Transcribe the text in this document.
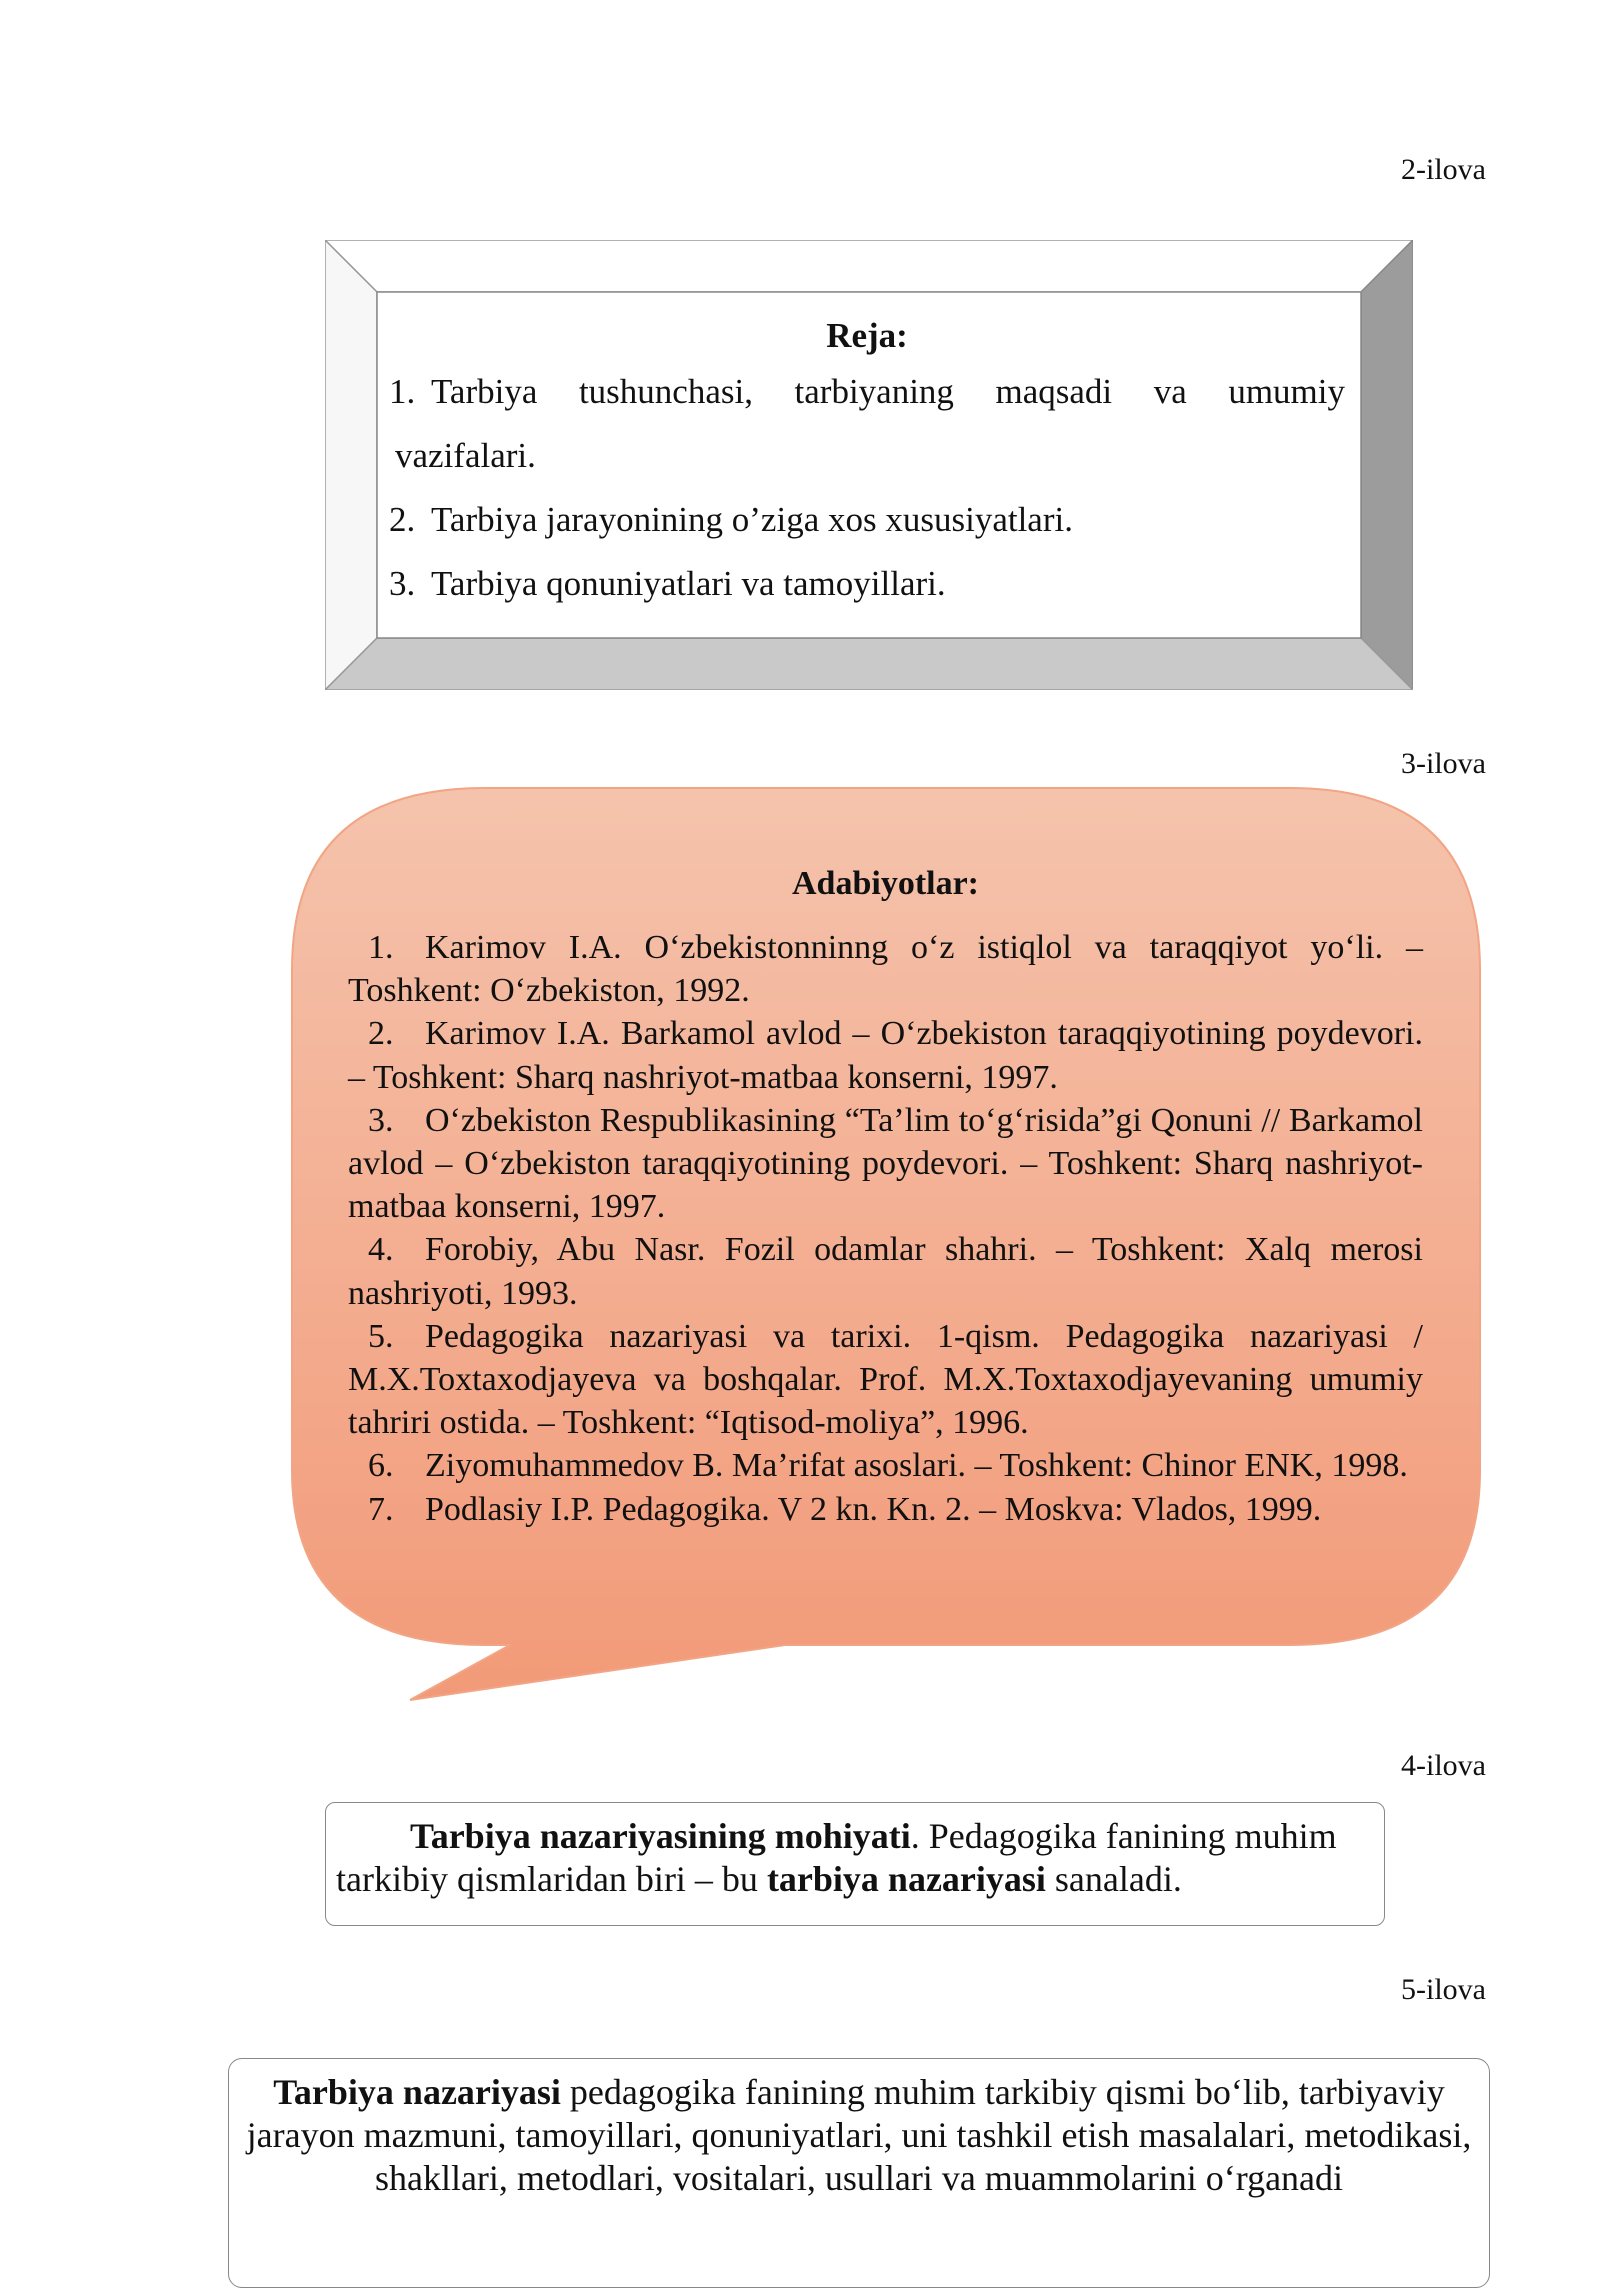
2-ilova
Reja:
1. Tarbiya tushunchasi, tarbiyaning maqsadi va umumiy
vazifalari.
2. Tarbiya jarayonining o’ziga xos xususiyatlari.
3. Tarbiya qonuniyatlari va tamoyillari.
3-ilova
Adabiyotlar:
1. Karimov I.A. O‘zbekistonninng o‘z istiqlol va taraqqiyot yo‘li. – Toshkent: O‘zbekiston, 1992.
2. Karimov I.A. Barkamol avlod – O‘zbekiston taraqqiyotining poydevori. – Toshkent: Sharq nashriyot-matbaa konserni, 1997.
3. O‘zbekiston Respublikasining “Ta’lim to‘g‘risida”gi Qonuni // Barkamol avlod – O‘zbekiston taraqqiyotining poydevori. – Toshkent: Sharq nashriyot-matbaa konserni, 1997.
4. Forobiy, Abu Nasr. Fozil odamlar shahri. – Toshkent: Xalq merosi nashriyoti, 1993.
5. Pedagogika nazariyasi va tarixi. 1-qism. Pedagogika nazariyasi / M.X.Toxtaxodjayeva va boshqalar. Prof. M.X.Toxtaxodjayevaning umumiy tahriri ostida. – Toshkent: “Iqtisod-moliya”, 1996.
6. Ziyomuhammedov B. Ma’rifat asoslari. – Toshkent: Chinor ENK, 1998.
7. Podlasiy I.P. Pedagogika. V 2 kn. Kn. 2. – Moskva: Vlados, 1999.
4-ilova

Tarbiya nazariyasining mohiyati. Pedagogika fanining muhim tarkibiy qismlaridan biri – bu tarbiya nazariyasi sanaladi.

5-ilova

Tarbiya nazariyasi pedagogika fanining muhim tarkibiy qismi bo‘lib, tarbiyaviy jarayon mazmuni, tamoyillari, qonuniyatlari, uni tashkil etish masalalari, metodikasi, shakllari, metodlari, vositalari, usullari va muammolarini o‘rganadi
